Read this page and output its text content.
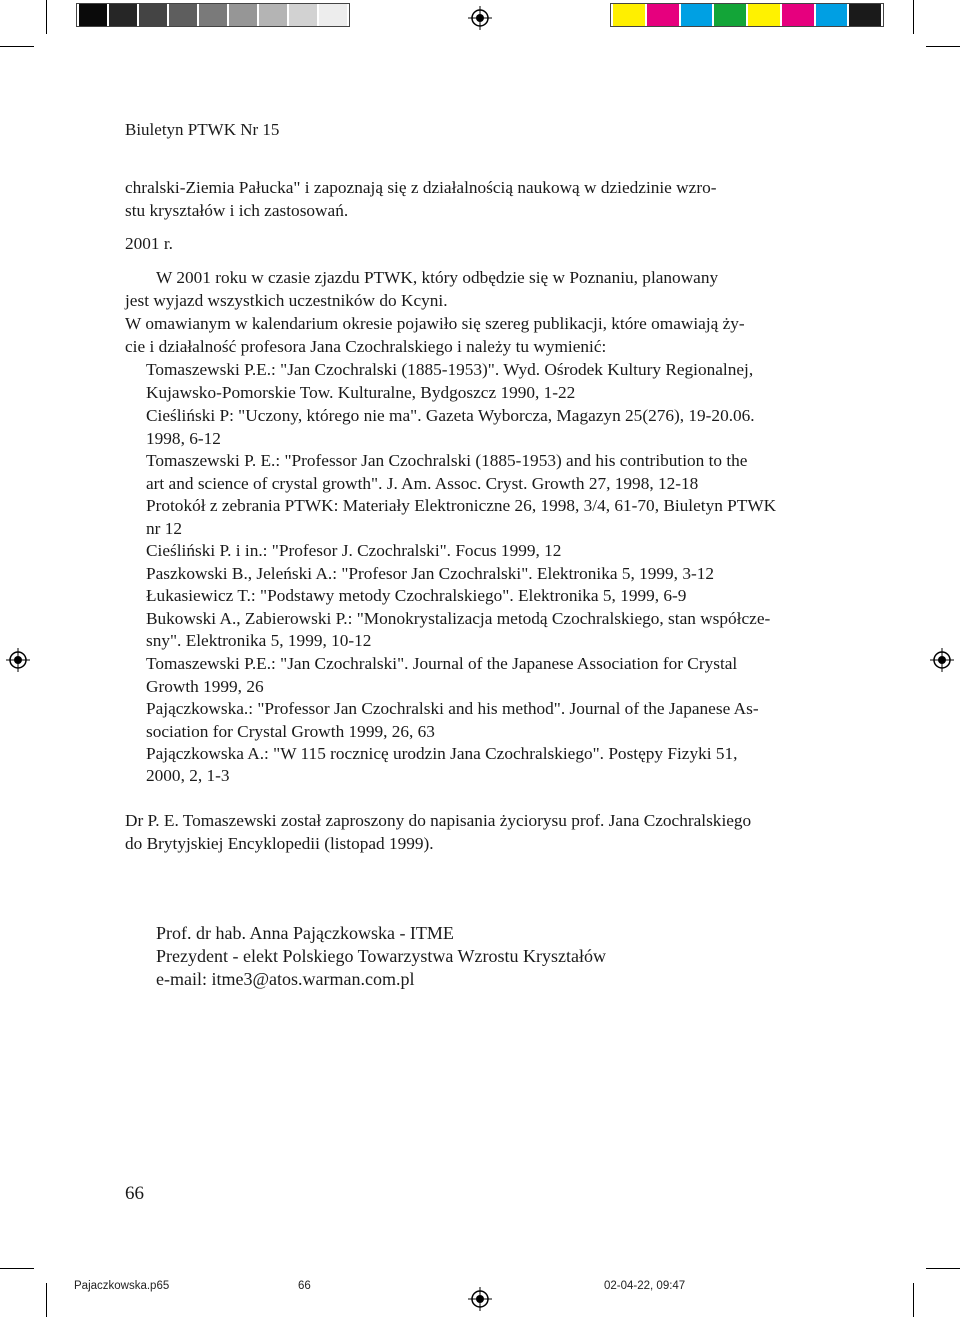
Biuletyn PTWK Nr 15
chralski-Ziemia Pałucka" i zapoznają się z działalnością naukową w dziedzinie wzro-
stu kryształów i ich zastosowań.
2001 r.
W 2001 roku w czasie zjazdu PTWK, który odbędzie się w Poznaniu, planowany
jest wyjazd wszystkich uczestników do Kcyni.
W omawianym w kalendarium okresie pojawiło się szereg publikacji, które omawiają ży-
cie i działalność profesora Jana Czochralskiego i należy tu wymienić:
Tomaszewski P.E.: "Jan Czochralski (1885-1953)". Wyd. Ośrodek Kultury Regionalnej,
Kujawsko-Pomorskie Tow. Kulturalne, Bydgoszcz 1990, 1-22
Cieśliński P: "Uczony, którego nie ma". Gazeta Wyborcza, Magazyn 25(276), 19-20.06.
1998, 6-12
Tomaszewski P. E.: "Professor Jan Czochralski (1885-1953) and his contribution to the
art and science of crystal growth". J. Am. Assoc. Cryst. Growth 27, 1998, 12-18
Protokół z zebrania PTWK: Materiały Elektroniczne 26, 1998, 3/4, 61-70, Biuletyn PTWK
nr 12
Cieśliński P. i in.: "Profesor J. Czochralski". Focus 1999, 12
Paszkowski B., Jeleński A.: "Profesor Jan Czochralski". Elektronika 5, 1999, 3-12
Łukasiewicz T.: "Podstawy metody Czochralskiego". Elektronika 5, 1999, 6-9
Bukowski A., Zabierowski P.: "Monokrystalizacja metodą Czochralskiego, stan współcze-
sny". Elektronika 5, 1999, 10-12
Tomaszewski P.E.: "Jan Czochralski". Journal of the Japanese Association for Crystal
Growth 1999, 26
Pajączkowska.: "Professor Jan Czochralski and his method". Journal of the Japanese As-
sociation for Crystal Growth 1999, 26, 63
Pajączkowska A.: "W 115 rocznicę urodzin Jana Czochralskiego". Postępy Fizyki 51,
2000, 2, 1-3
Dr P. E. Tomaszewski został zaproszony do napisania życiorysu prof. Jana Czochralskiego
do Brytyjskiej Encyklopedii (listopad 1999).
Prof. dr hab. Anna Pajączkowska - ITME
Prezydent - elekt Polskiego Towarzystwa Wzrostu Kryształów
e-mail: itme3@atos.warman.com.pl
66
Pajaczkowska.p65	66	02-04-22, 09:47
